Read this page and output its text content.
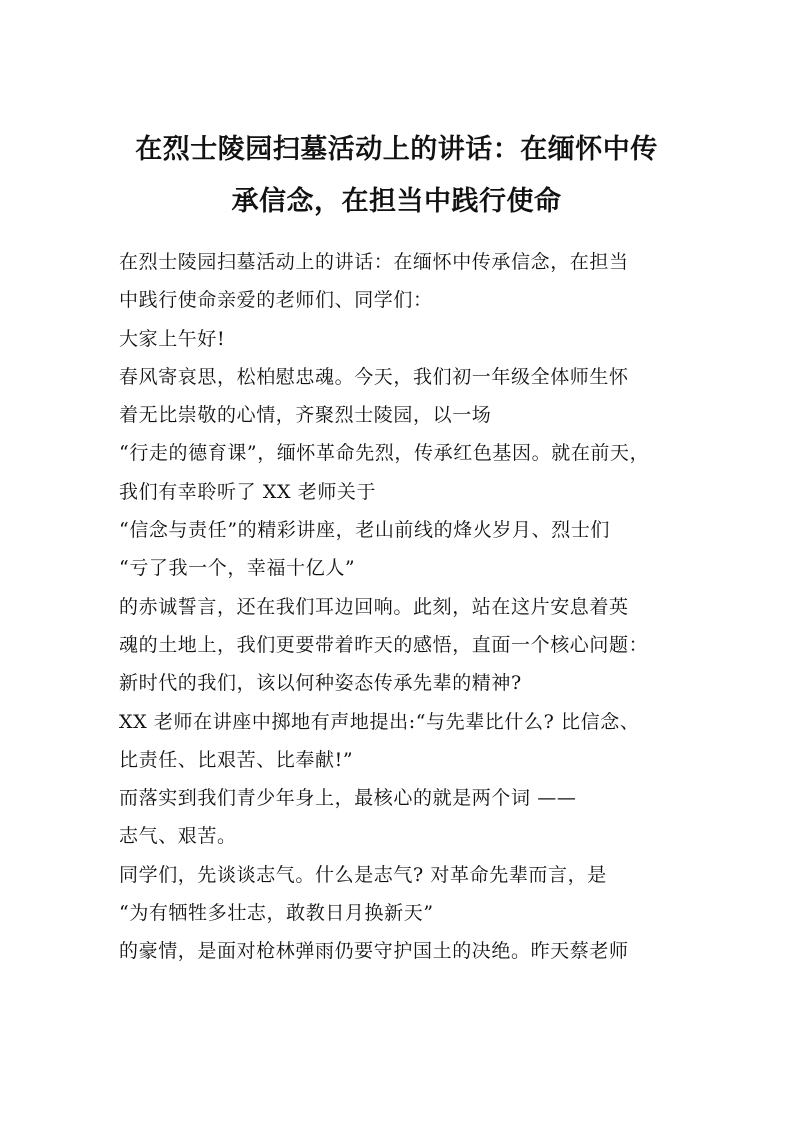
在烈士陵园扫墓活动上的讲话：在缅怀中传
承信念，在担当中践行使命
在烈士陵园扫墓活动上的讲话：在缅怀中传承信念，在担当
中践行使命亲爱的老师们、同学们：
大家上午好!
春风寄哀思，松柏慰忠魂。今天，我们初一年级全体师生怀
着无比崇敬的心情，齐聚烈士陵园，以一场
“行走的德育课”，缅怀革命先烈，传承红色基因。就在前天，
我们有幸聆听了 XX 老师关于
“信念与责任”的精彩讲座，老山前线的烽火岁月、烈士们
“亏了我一个，幸福十亿人”
的赤诚誓言，还在我们耳边回响。此刻，站在这片安息着英
魂的土地上，我们更要带着昨天的感悟，直面一个核心问题：
新时代的我们，该以何种姿态传承先辈的精神?
XX 老师在讲座中掷地有声地提出:“与先辈比什么? 比信念、
比责任、比艰苦、比奉献!”
而落实到我们青少年身上，最核心的就是两个词 ——
志气、艰苦。
同学们，先谈谈志气。什么是志气? 对革命先辈而言，是
“为有牺牲多壮志，敢教日月换新天”
的豪情，是面对枪林弹雨仍要守护国土的决绝。昨天蔡老师
